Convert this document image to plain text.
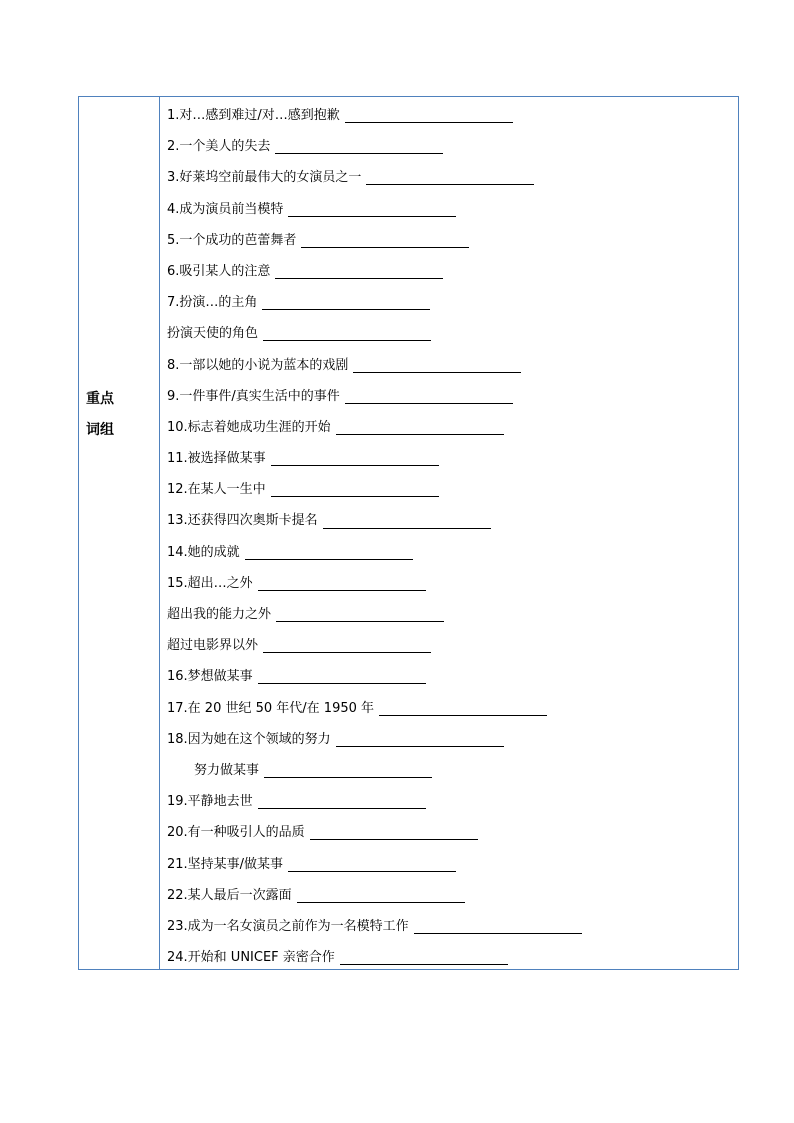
重点
词组
1.对…感到难过/对…感到抱歉
2.一个美人的失去
3.好莱坞空前最伟大的女演员之一
4.成为演员前当模特
5.一个成功的芭蕾舞者
6.吸引某人的注意
7.扮演…的主角
扮演天使的角色
8.一部以她的小说为蓝本的戏剧
9.一件事件/真实生活中的事件
10.标志着她成功生涯的开始
11.被选择做某事
12.在某人一生中
13.还获得四次奥斯卡提名
14.她的成就
15.超出…之外
超出我的能力之外
超过电影界以外
16.梦想做某事
17.在 20 世纪 50 年代/在 1950 年
18.因为她在这个领域的努力
努力做某事
19.平静地去世
20.有一种吸引人的品质
21.坚持某事/做某事
22.某人最后一次露面
23.成为一名女演员之前作为一名模特工作
24.开始和 UNICEF 亲密合作
